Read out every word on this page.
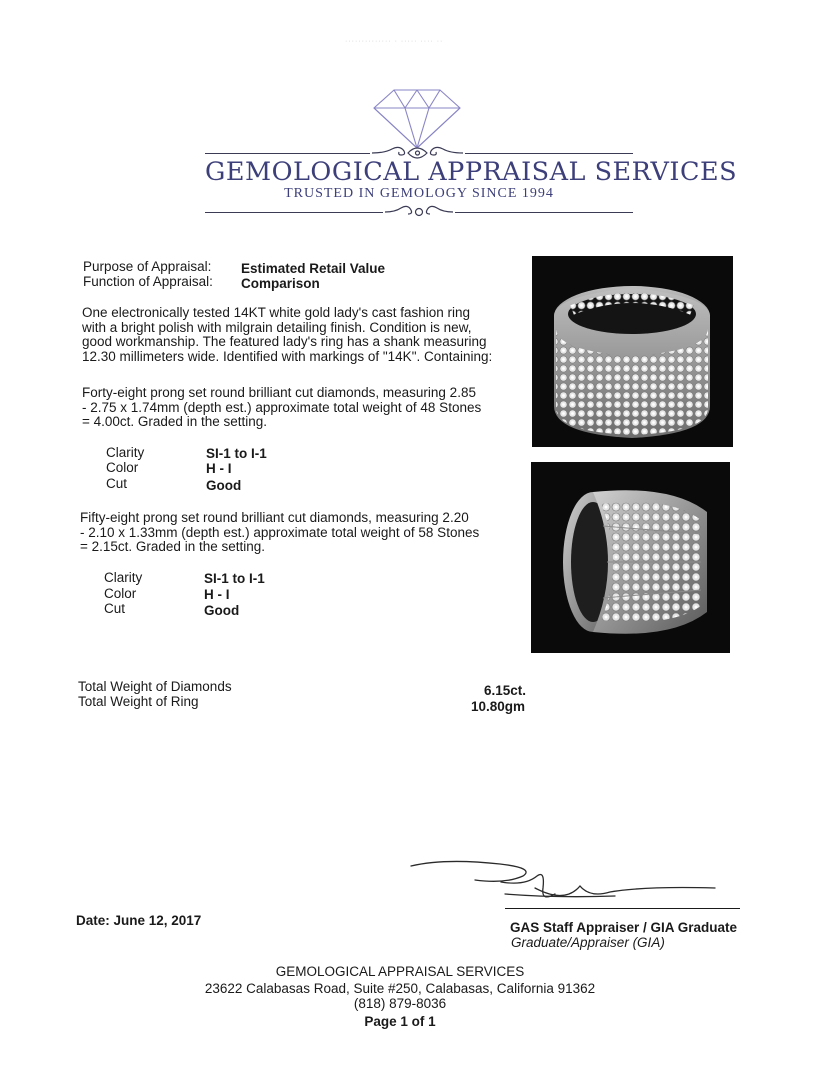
·············· · ····· ···· ··
GEMOLOGICAL APPRAISAL SERVICES
TRUSTED IN GEMOLOGY SINCE 1994
Purpose of Appraisal: Estimated Retail Value
Function of Appraisal: Comparison
One electronically tested 14KT white gold lady's cast fashion ring
with a bright polish with milgrain detailing finish. Condition is new,
good workmanship. The featured lady's ring has a shank measuring
12.30 millimeters wide. Identified with markings of "14K". Containing:
Forty-eight prong set round brilliant cut diamonds, measuring 2.85
- 2.75 x 1.74mm (depth est.) approximate total weight of 48 Stones
= 4.00ct. Graded in the setting.
Clarity	SI-1 to I-1
Color	H - I
Cut	Good
Fifty-eight prong set round brilliant cut diamonds, measuring 2.20
- 2.10 x 1.33mm (depth est.) approximate total weight of 58 Stones
= 2.15ct. Graded in the setting.
Clarity	SI-1 to I-1
Color	H - I
Cut	Good
Total Weight of Diamonds	6.15ct.
Total Weight of Ring	10.80gm
Date: June 12, 2017	GAS Staff Appraiser / GIA Graduate
Graduate/Appraiser (GIA)
GEMOLOGICAL APPRAISAL SERVICES
23622 Calabasas Road, Suite #250, Calabasas, California 91362
(818) 879-8036
Page 1 of 1
